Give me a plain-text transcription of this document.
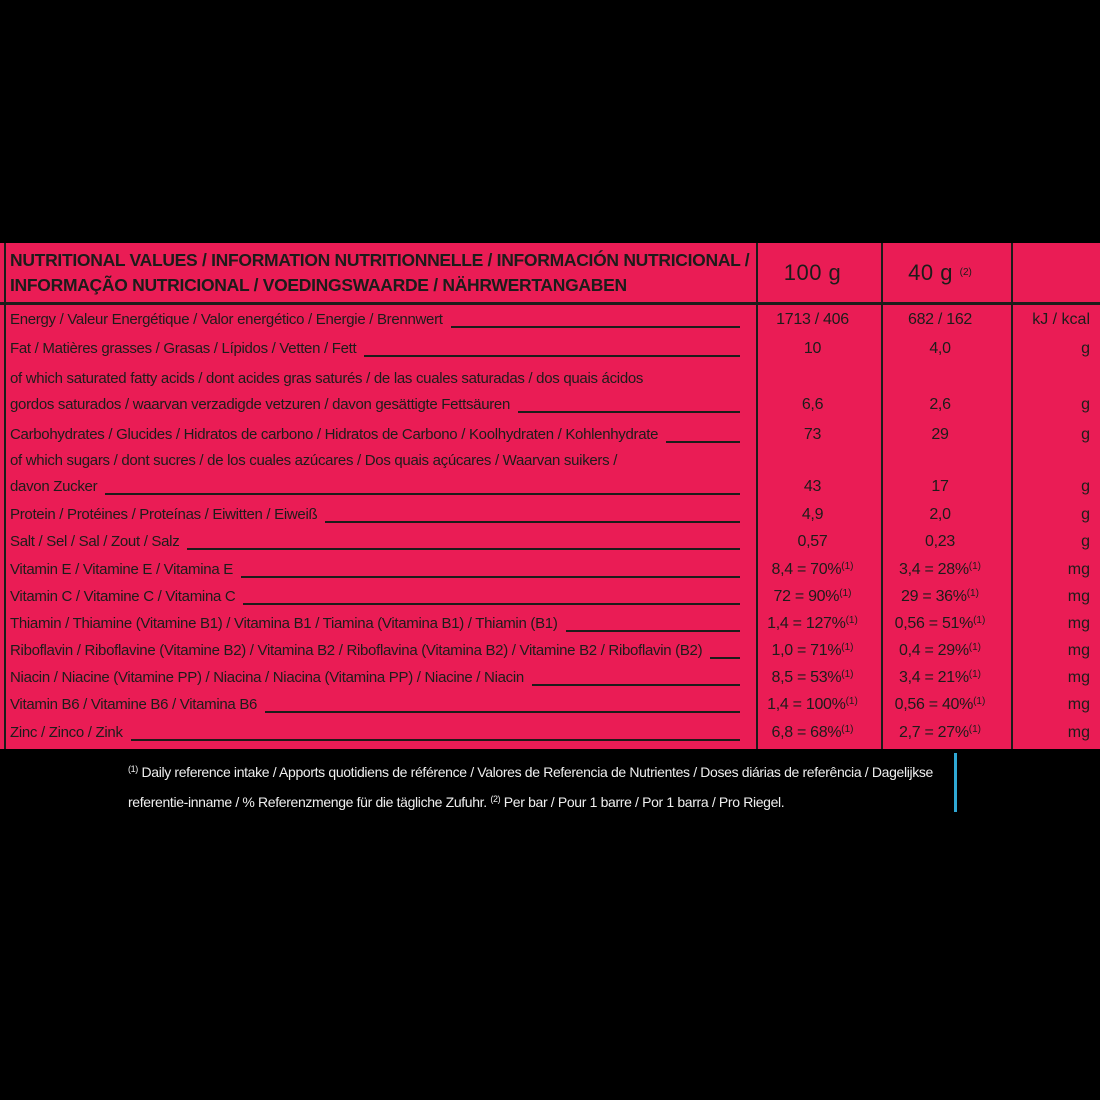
NUTRITIONAL VALUES / INFORMATION NUTRITIONNELLE / INFORMACIÓN NUTRICIONAL /
INFORMAÇÃO NUTRICIONAL / VOEDINGSWAARDE / NÄHRWERTANGABEN	100 g	40 g $^{(2)}$
Energy / Valeur Energétique / Valor energético / Energie / Brennwert	1713 / 406	682 / 162	kJ / kcal
Fat / Matières grasses / Grasas / Lípidos / Vetten / Fett	10	4,0	g
of which saturated fatty acids / dont acides gras saturés / de las cuales saturadas / dos quais ácidos
gordos saturados / waarvan verzadigde vetzuren / davon gesättigte Fettsäuren	6,6	2,6	g
Carbohydrates / Glucides / Hidratos de carbono / Hidratos de Carbono / Koolhydraten / Kohlenhydrate	73	29	g
of which sugars / dont sucres / de los cuales azúcares / Dos quais açúcares / Waarvan suikers /
davon Zucker	43	17	g
Protein / Protéines / Proteínas / Eiwitten / Eiweiß	4,9	2,0	g
Salt / Sel / Sal / Zout / Salz	0,57	0,23	g
Vitamin E / Vitamine E / Vitamina E	8,4 = 70%$^{(1)}$	3,4 = 28%$^{(1)}$	mg
Vitamin C / Vitamine C / Vitamina C	72 = 90%$^{(1)}$	29 = 36%$^{(1)}$	mg
Thiamin / Thiamine (Vitamine B1) / Vitamina B1 / Tiamina (Vitamina B1) / Thiamin (B1)	1,4 = 127%$^{(1)}$	0,56 = 51%$^{(1)}$	mg
Riboflavin / Riboflavine (Vitamine B2) / Vitamina B2 / Riboflavina (Vitamina B2) / Vitamine B2 / Riboflavin (B2)	1,0 = 71%$^{(1)}$	0,4 = 29%$^{(1)}$	mg
Niacin / Niacine (Vitamine PP) / Niacina / Niacina (Vitamina PP) / Niacine / Niacin	8,5 = 53%$^{(1)}$	3,4 = 21%$^{(1)}$	mg
Vitamin B6 / Vitamine B6 / Vitamina B6	1,4 = 100%$^{(1)}$	0,56 = 40%$^{(1)}$	mg
Zinc / Zinco / Zink	6,8 = 68%$^{(1)}$	2,7 = 27%$^{(1)}$	mg
$^{(1)}$ Daily reference intake / Apports quotidiens de référence / Valores de Referencia de Nutrientes / Doses diárias de referência / Dagelijkse
referentie-inname / % Referenzmenge für die tägliche Zufuhr. $^{(2)}$ Per bar / Pour 1 barre / Por 1 barra / Pro Riegel.
